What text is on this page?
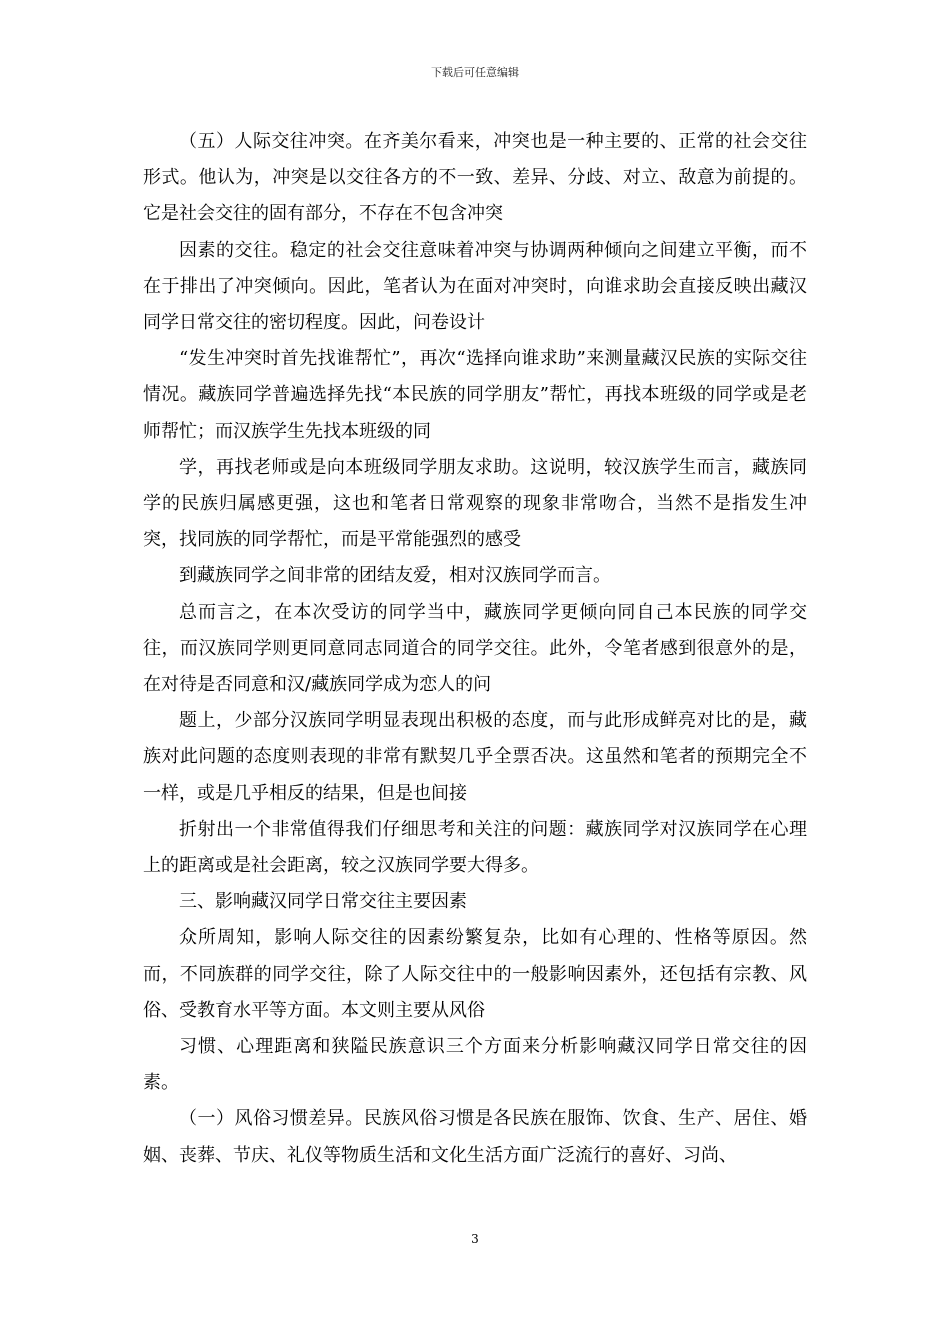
下载后可任意编辑

（五）人际交往冲突。在齐美尔看来，冲突也是一种主要的、正常的社会交往形式。他认为，冲突是以交往各方的不一致、差异、分歧、对立、敌意为前提的。它是社会交往的固有部分，不存在不包含冲突

因素的交往。稳定的社会交往意味着冲突与协调两种倾向之间建立平衡，而不在于排出了冲突倾向。因此，笔者认为在面对冲突时，向谁求助会直接反映出藏汉同学日常交往的密切程度。因此，问卷设计

“发生冲突时首先找谁帮忙”，再次“选择向谁求助”来测量藏汉民族的实际交往情况。藏族同学普遍选择先找“本民族的同学朋友”帮忙，再找本班级的同学或是老师帮忙；而汉族学生先找本班级的同

学，再找老师或是向本班级同学朋友求助。这说明，较汉族学生而言，藏族同学的民族归属感更强，这也和笔者日常观察的现象非常吻合，当然不是指发生冲突，找同族的同学帮忙，而是平常能强烈的感受

到藏族同学之间非常的团结友爱，相对汉族同学而言。

总而言之，在本次受访的同学当中，藏族同学更倾向同自己本民族的同学交往，而汉族同学则更同意同志同道合的同学交往。此外，令笔者感到很意外的是，在对待是否同意和汉/藏族同学成为恋人的问

题上，少部分汉族同学明显表现出积极的态度，而与此形成鲜亮对比的是，藏族对此问题的态度则表现的非常有默契几乎全票否决。这虽然和笔者的预期完全不一样，或是几乎相反的结果，但是也间接

折射出一个非常值得我们仔细思考和关注的问题：藏族同学对汉族同学在心理上的距离或是社会距离，较之汉族同学要大得多。

三、影响藏汉同学日常交往主要因素

众所周知，影响人际交往的因素纷繁复杂，比如有心理的、性格等原因。然而，不同族群的同学交往，除了人际交往中的一般影响因素外，还包括有宗教、风俗、受教育水平等方面。本文则主要从风俗

习惯、心理距离和狭隘民族意识三个方面来分析影响藏汉同学日常交往的因素。

（一）风俗习惯差异。民族风俗习惯是各民族在服饰、饮食、生产、居住、婚姻、丧葬、节庆、礼仪等物质生活和文化生活方面广泛流行的喜好、习尚、

3
